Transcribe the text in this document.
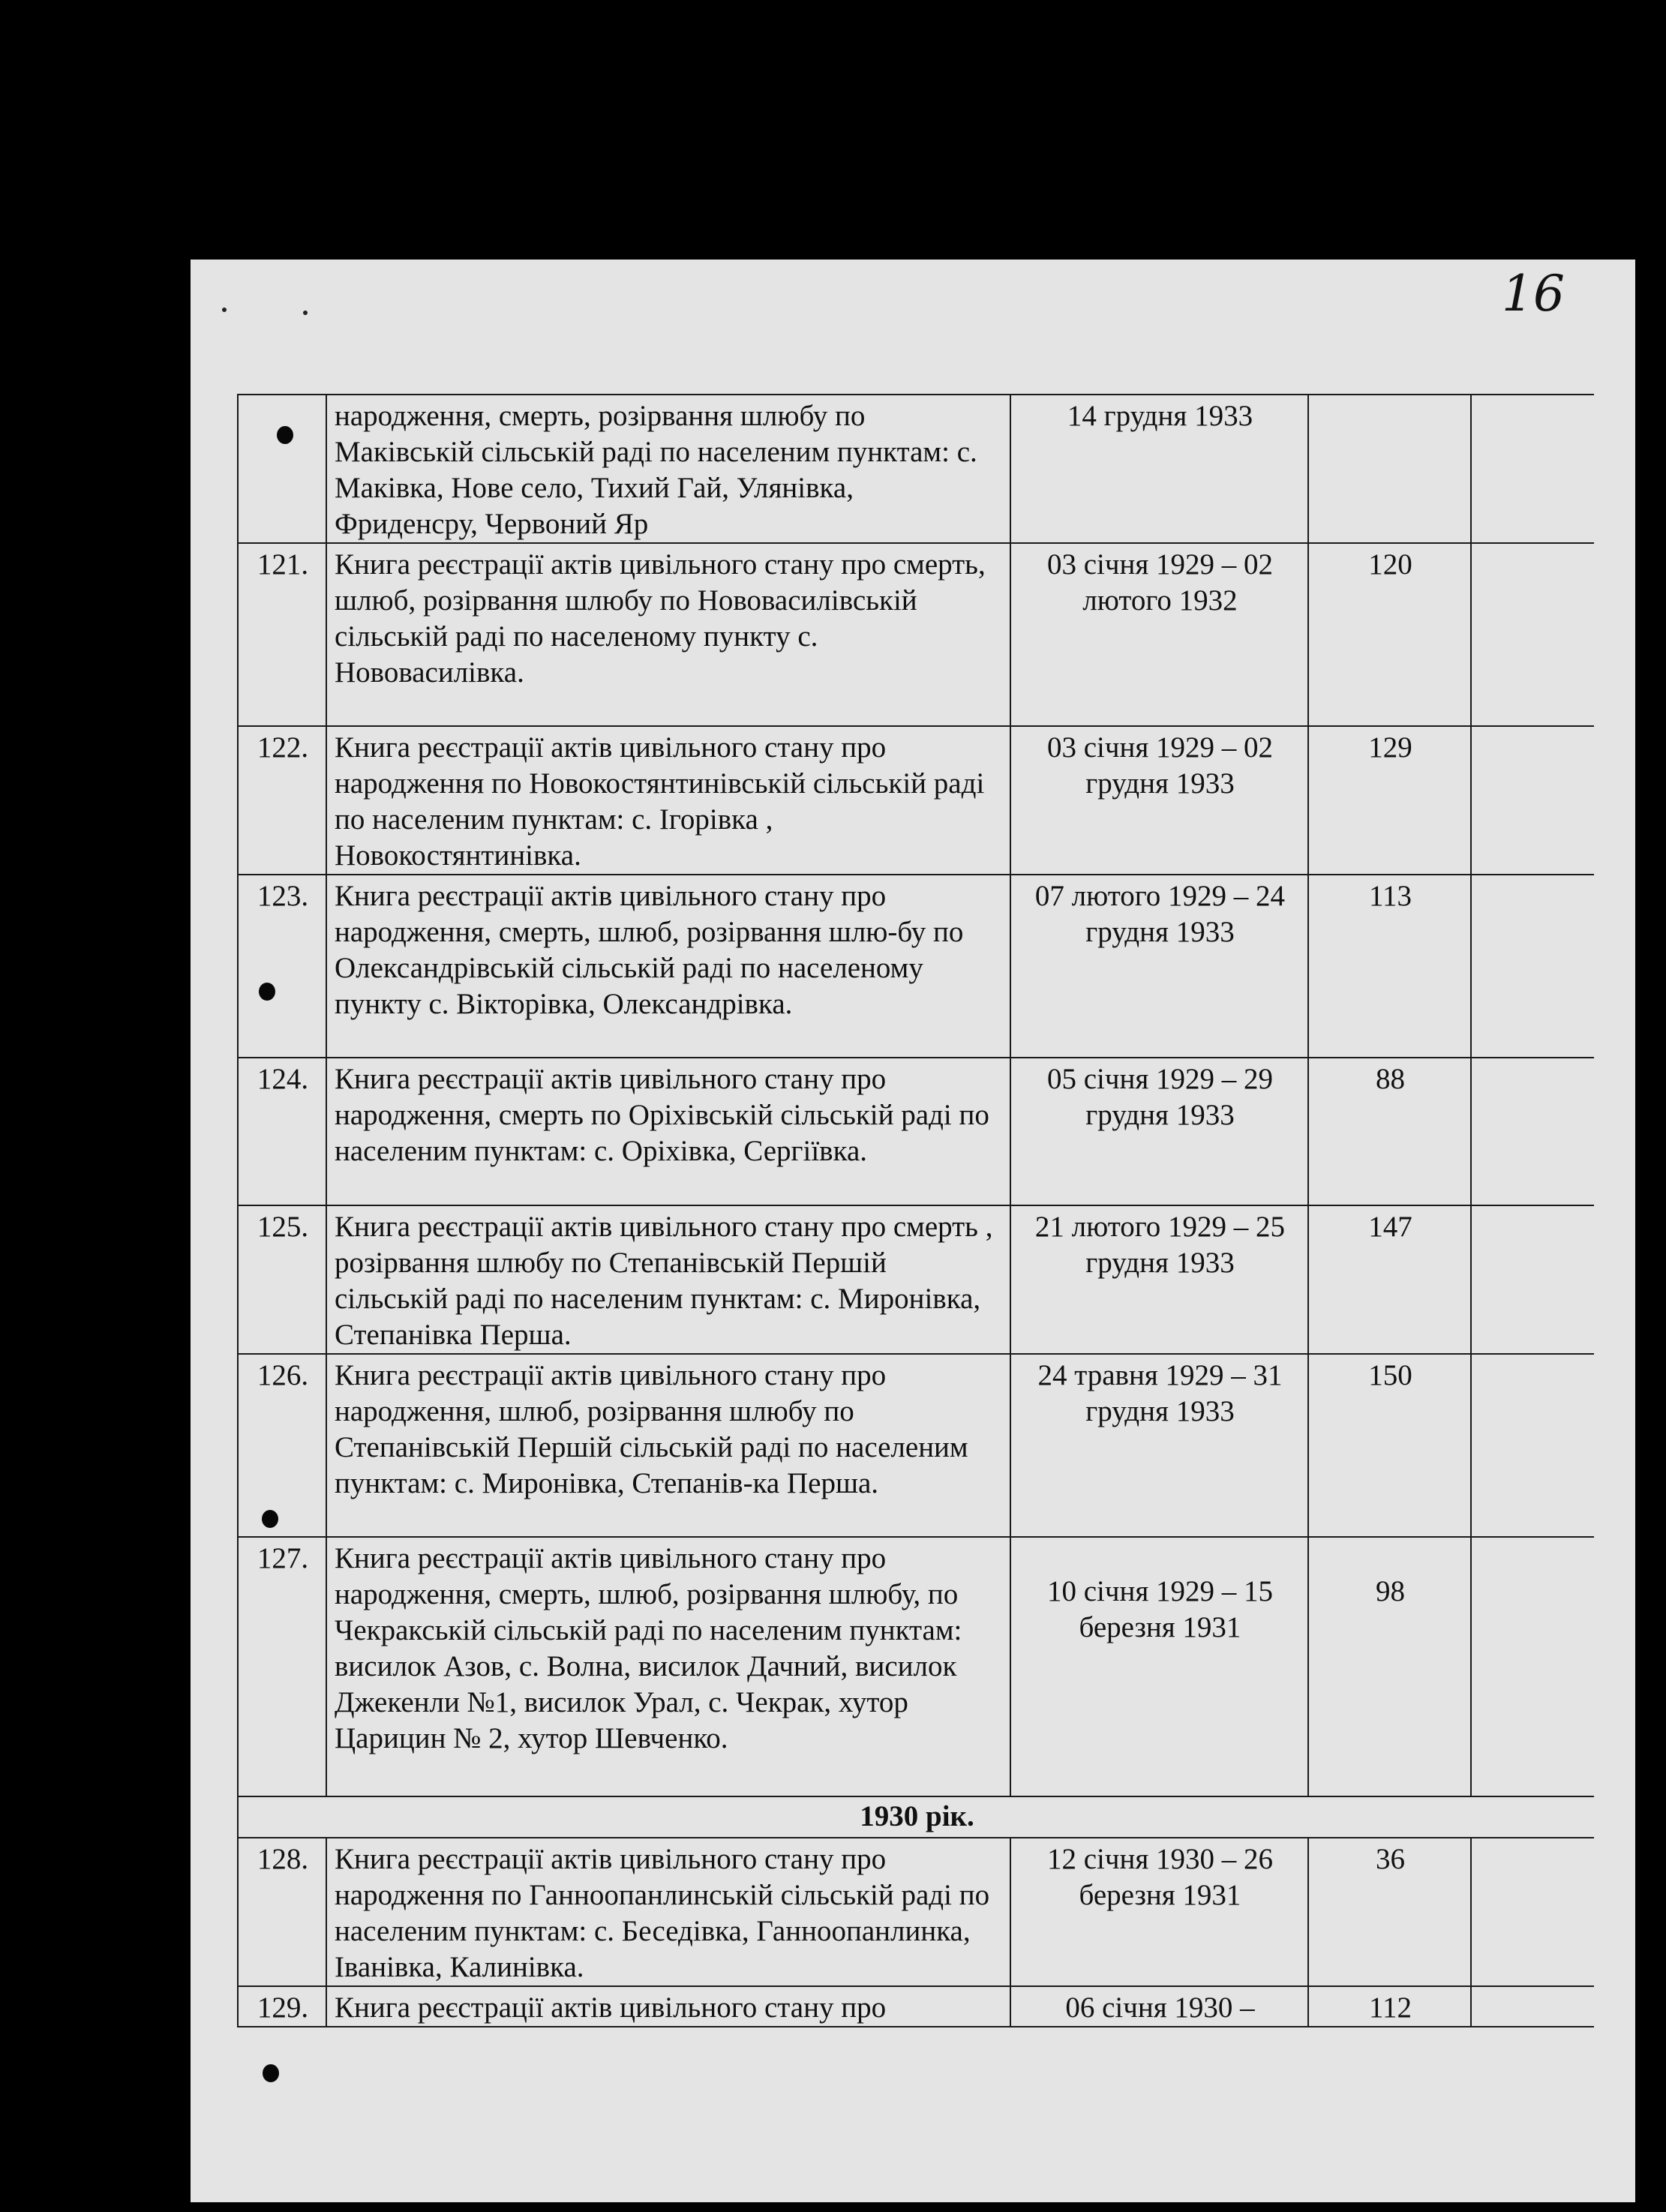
16
	народження, смерть, розірвання шлюбу по Маківській сільській раді по населеним пунктам: с. Маківка, Нове село, Тихий Гай, Улянівка, Фриденсру, Червоний Яр	14 грудня 1933		
121.	Книга реєстрації актів цивільного стану про смерть, шлюб, розірвання шлюбу по Нововасилівській сільській раді по населеному пункту с. Нововасилівка.	03 січня 1929 – 02 лютого 1932	120	
122.	Книга реєстрації актів цивільного стану про народження по Новокостянтинівській сільській раді по населеним пунктам: с. Ігорівка , Новокостянтинівка.	03 січня 1929 – 02 грудня 1933	129	
123.	Книга реєстрації актів цивільного стану про народження, смерть, шлюб, розірвання шлю-бу по Олександрівській сільській раді по населеному пункту с. Вікторівка, Олександрівка.	07 лютого 1929 – 24 грудня 1933	113	
124.	Книга реєстрації актів цивільного стану про народження, смерть по Оріхівській сільській раді по населеним пунктам: с. Оріхівка, Сергіївка.	05 січня 1929 – 29 грудня 1933	88	
125.	Книга реєстрації актів цивільного стану про смерть , розірвання шлюбу по Степанівській Першій сільській раді по населеним пунктам: с. Миронівка, Степанівка Перша.	21 лютого 1929 – 25 грудня 1933	147	
126.	Книга реєстрації актів цивільного стану про народження, шлюб, розірвання шлюбу по Степанівській Першій сільській раді по населеним пунктам: с. Миронівка, Степанів-ка Перша.	24 травня 1929 – 31 грудня 1933	150	
127.	Книга реєстрації актів цивільного стану про народження, смерть, шлюб, розірвання шлюбу, по Чекракській сільській раді по населеним пунктам: висилок Азов, с. Волна, висилок Дачний, висилок Джекенли №1, висилок Урал, с. Чекрак, хутор Царицин № 2, хутор Шевченко.	10 січня 1929 – 15 березня 1931	98	
1930 рік.				
128.	Книга реєстрації актів цивільного стану про народження по Ганноопанлинській сільській раді по населеним пунктам: с. Беседівка, Ганноопанлинка, Іванівка, Калинівка.	12 січня 1930 – 26 березня 1931	36	
129.	Книга реєстрації актів цивільного стану про	06 січня 1930 –	112	
